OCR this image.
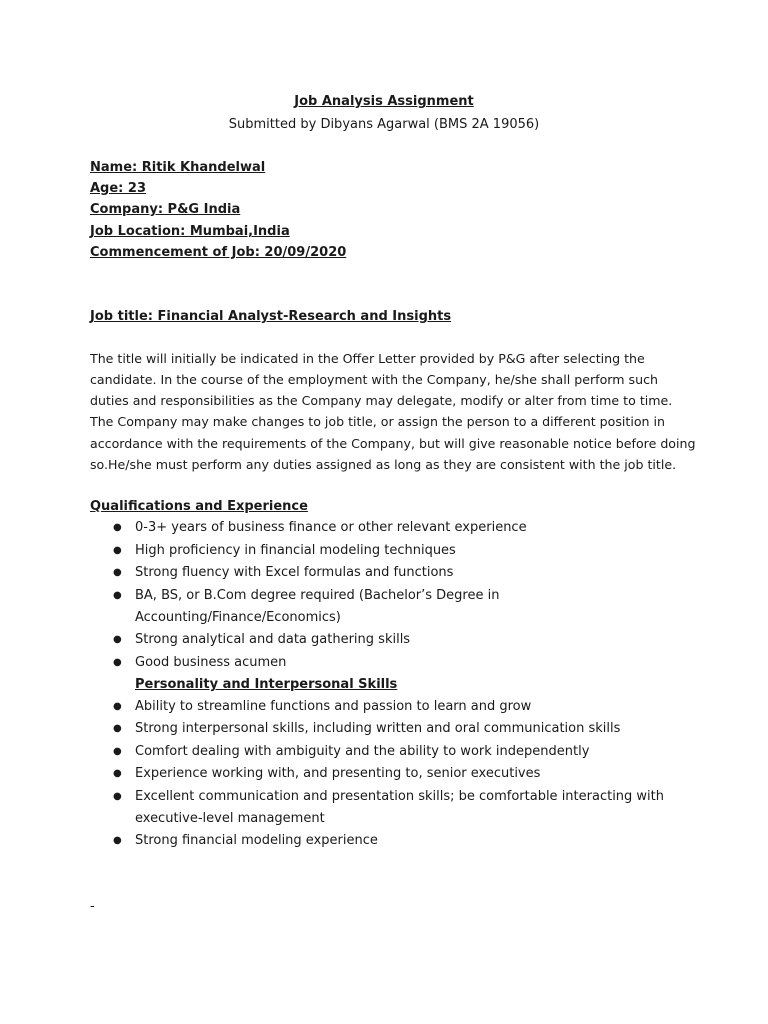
Job Analysis Assignment
Submitted by Dibyans Agarwal (BMS 2A 19056)
Name: Ritik Khandelwal
Age: 23
Company: P&G India
Job Location: Mumbai,India
Commencement of Job: 20/09/2020
Job title: Financial Analyst-Research and Insights
The title will initially be indicated in the Offer Letter provided by P&G after selecting the
candidate. In the course of the employment with the Company, he/she shall perform such
duties and responsibilities as the Company may delegate, modify or alter from time to time.
The Company may make changes to job title, or assign the person to a different position in
accordance with the requirements of the Company, but will give reasonable notice before doing
so.He/she must perform any duties assigned as long as they are consistent with the job title.
Qualifications and Experience
● 0-3+ years of business finance or other relevant experience
● High proficiency in financial modeling techniques
● Strong fluency with Excel formulas and functions
● BA, BS, or B.Com degree required (Bachelor’s Degree in
Accounting/Finance/Economics)
● Strong analytical and data gathering skills
● Good business acumen
Personality and Interpersonal Skills
● Ability to streamline functions and passion to learn and grow
● Strong interpersonal skills, including written and oral communication skills
● Comfort dealing with ambiguity and the ability to work independently
● Experience working with, and presenting to, senior executives
● Excellent communication and presentation skills; be comfortable interacting with
executive-level management
● Strong financial modeling experience
-
